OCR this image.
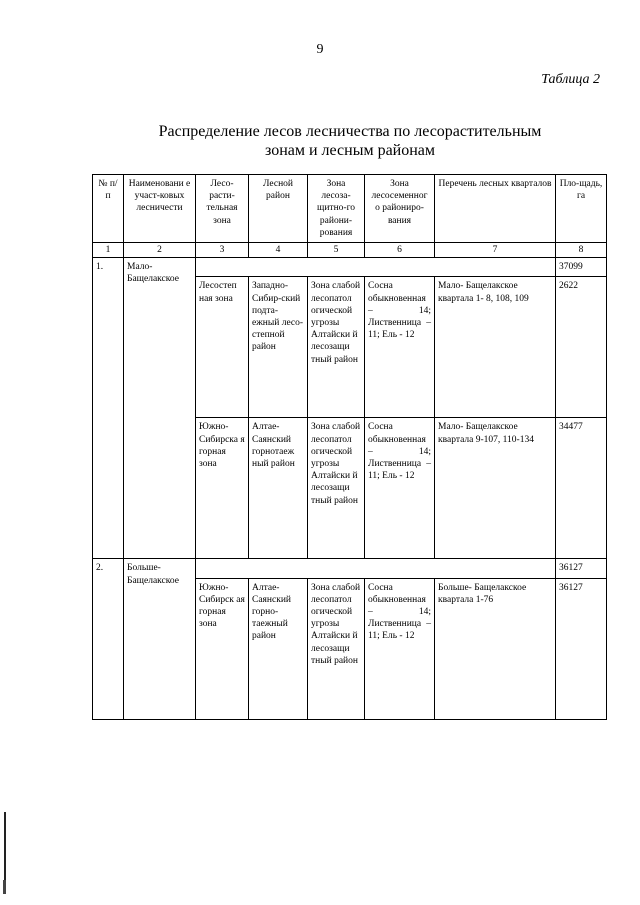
9
Таблица 2
Распределение лесов лесничества по лесорастительным
зонам и лесным районам
№ п/п	Наименовани е участ-ковых лесничести	Лесо-расти-тельная зона	Лесной район	Зона лесоза-щитно-го райони-рования	Зона лесосеменног о райониро-вания	Перечень лесных кварталов	Пло-щадь, га
1	2	3	4	5	6	7	8
1.	Мало-Бащелакское						37099
		Лесостеп ная зона	Западно-Сибир-ский подта-ежный лесо-степной район	Зона слабой лесопатол огической угрозы Алтайски й лесозащи тный район	Сосна обыкновенная – 14; Лиственница – 11; Ель - 12	Мало- Бащелакское квартала 1- 8, 108, 109	2622
		Южно-Сибирска я горная зона	Алтае-Саянский горнотаеж ный район	Зона слабой лесопатол огической угрозы Алтайски й лесозащи тный район	Сосна обыкновенная – 14; Лиственница – 11; Ель - 12	Мало- Бащелакское квартала 9-107, 110-134	34477
2.	Больше-Бащелакское						36127
		Южно-Сибирск ая горная зона	Алтае-Саянский горно-таежный район	Зона слабой лесопатол огической угрозы Алтайски й лесозащи тный район	Сосна обыкновенная – 14; Лиственница – 11; Ель - 12	Больше- Бащелакское квартала 1-76	36127
